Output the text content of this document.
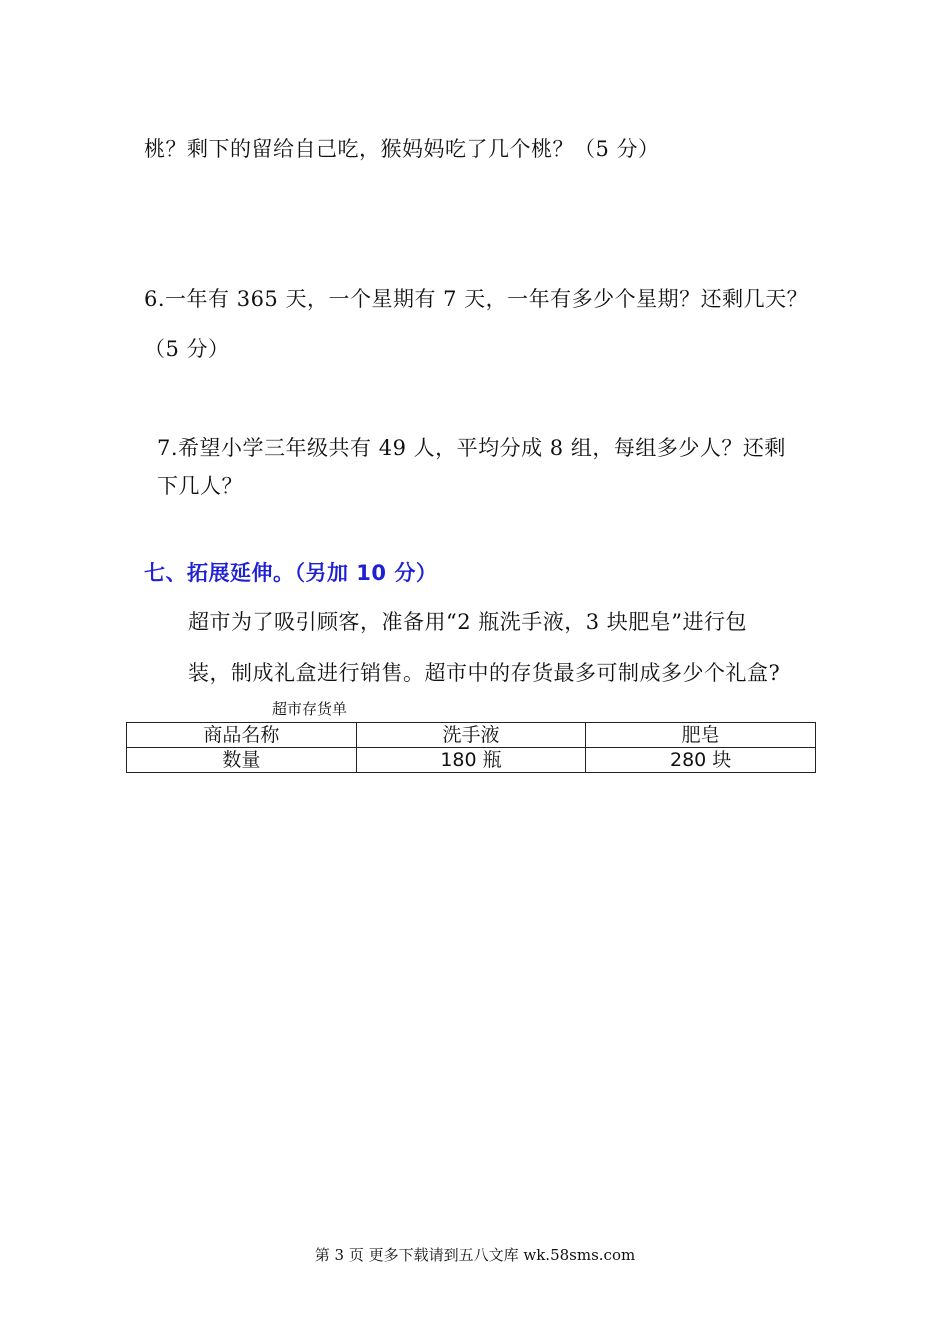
桃？剩下的留给自己吃，猴妈妈吃了几个桃？（5 分）
6.一年有 365 天，一个星期有 7 天，一年有多少个星期？还剩几天？
（5 分）
7.希望小学三年级共有 49 人，平均分成 8 组，每组多少人？还剩
下几人？
七、拓展延伸。（另加 10 分）
超市为了吸引顾客，准备用“2 瓶洗手液，3 块肥皂”进行包
装，制成礼盒进行销售。超市中的存货最多可制成多少个礼盒?
超市存货单
商品名称	洗手液	肥皂
数量	180 瓶	280 块
第 3 页 更多下载请到五八文库 wk.58sms.com
